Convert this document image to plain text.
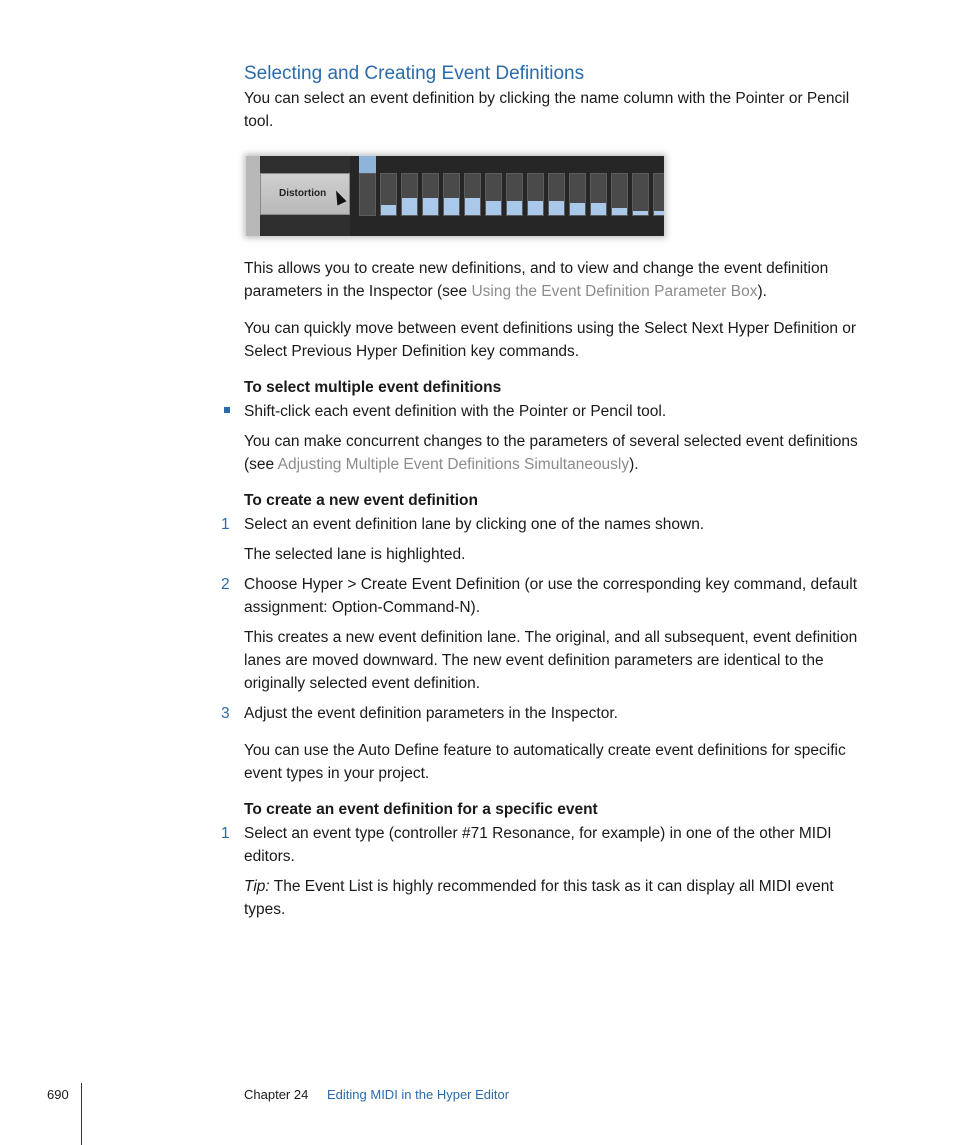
Selecting and Creating Event Definitions

You can select an event definition by clicking the name column with the Pointer or Pencil tool.

Distortion

This allows you to create new definitions, and to view and change the event definition parameters in the Inspector (see Using the Event Definition Parameter Box).

You can quickly move between event definitions using the Select Next Hyper Definition or Select Previous Hyper Definition key commands.

To select multiple event definitions

Shift-click each event definition with the Pointer or Pencil tool.

You can make concurrent changes to the parameters of several selected event definitions (see Adjusting Multiple Event Definitions Simultaneously).

To create a new event definition

1 Select an event definition lane by clicking one of the names shown.

The selected lane is highlighted.

2 Choose Hyper > Create Event Definition (or use the corresponding key command, default assignment: Option-Command-N).

This creates a new event definition lane. The original, and all subsequent, event definition lanes are moved downward. The new event definition parameters are identical to the originally selected event definition.

3 Adjust the event definition parameters in the Inspector.

You can use the Auto Define feature to automatically create event definitions for specific event types in your project.

To create an event definition for a specific event

1 Select an event type (controller #71 Resonance, for example) in one of the other MIDI editors.

Tip: The Event List is highly recommended for this task as it can display all MIDI event types.

690	Chapter 24 Editing MIDI in the Hyper Editor
